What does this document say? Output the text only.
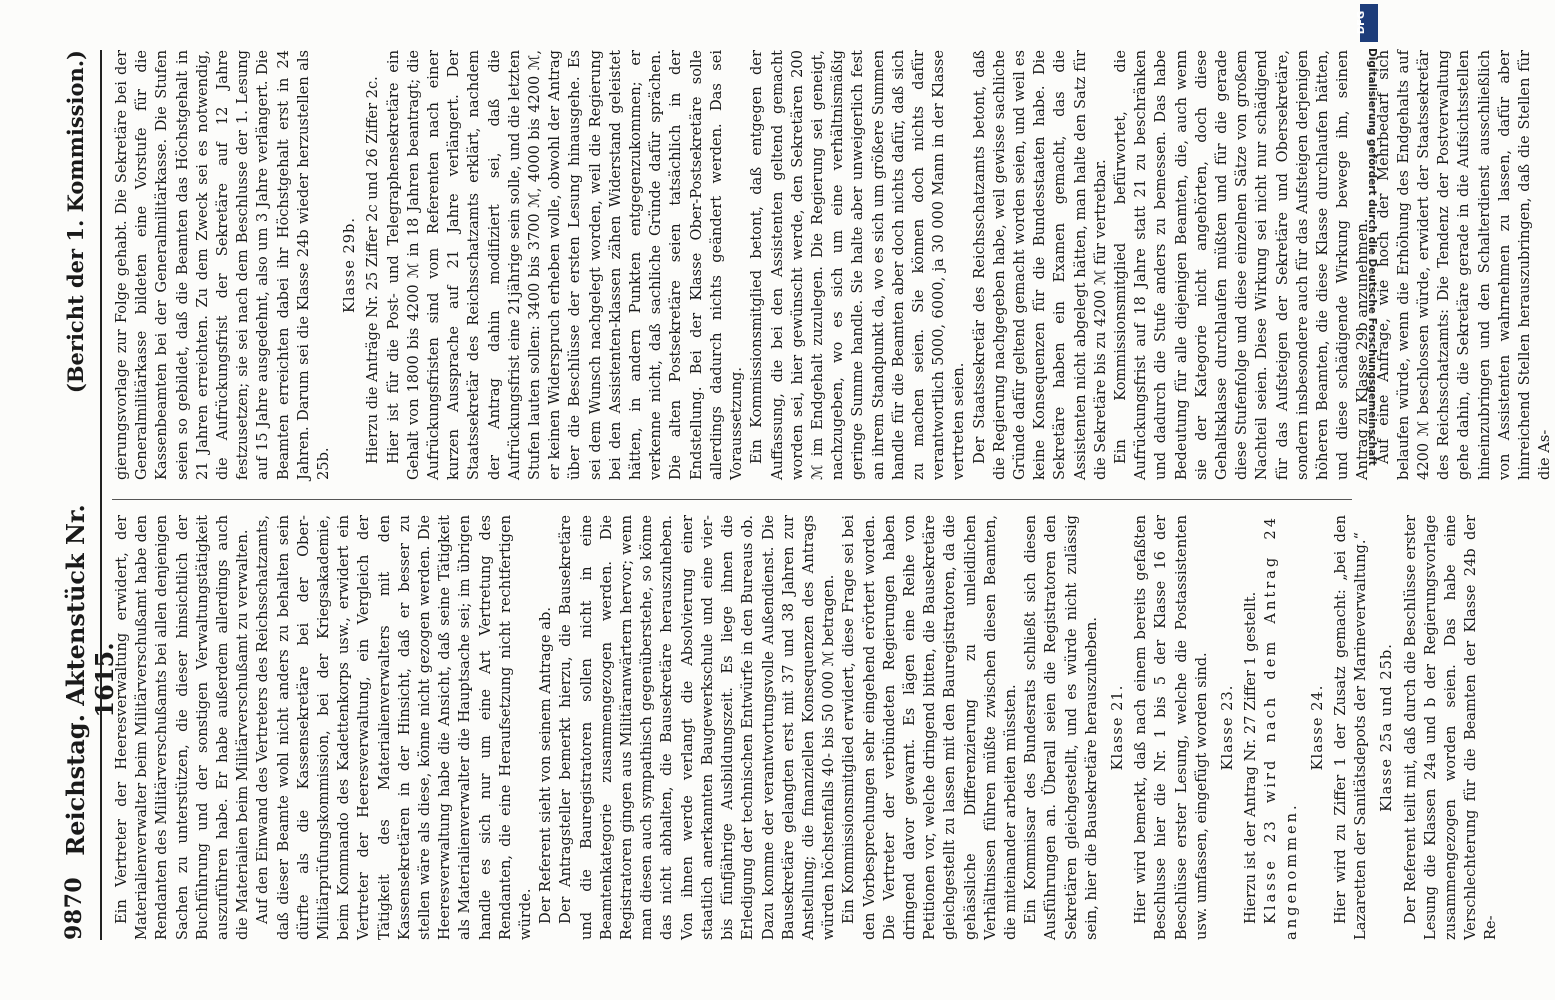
9870
Reichstag. Aktenstück Nr. 1615.
(Bericht der 1. Kommission.)

Ein Vertreter der Heeresverwaltung erwidert, der Materialienverwalter beim Militärverschußamt habe den Rendanten des Militärverschußamts bei allen denjenigen Sachen zu unterstützen, die dieser hinsichtlich der Buchführung und der sonstigen Verwaltungstätigkeit auszuführen habe. Er habe außerdem allerdings auch die Materialien beim Militärverschußamt zu verwalten. Auf den Einwand des Vertreters des Reichsschatzamts, daß dieser Beamte wohl nicht anders zu behalten sein dürfte als die Kassensekretäre bei der Ober-Militärprüfungskommission, bei der Kriegsakademie, beim Kommando des Kadettenkorps usw., erwidert ein Vertreter der Heeresverwaltung, ein Vergleich der Tätigkeit des Materialienverwalters mit den Kassensekretären in der Hinsicht, daß er besser zu stellen wäre als diese, könne nicht gezogen werden. Die Heeresverwaltung habe die Ansicht, daß seine Tätigkeit als Materialienverwalter die Hauptsache sei; im übrigen handle es sich nur um eine Art Vertretung des Rendanten, die eine Heraufsetzung nicht rechtfertigen würde. Der Referent sieht von seinem Antrage ab. Der Antragsteller bemerkt hierzu, die Bausekretäre und die Bauregistratoren sollen nicht in eine Beamtenkategorie zusammengezogen werden. Die Registratoren gingen aus Militäranwärtern hervor; wenn man diesen auch sympathisch gegenüberstehe, so könne das nicht abhalten, die Bausekretäre herauszuheben. Von ihnen werde verlangt die Absolvierung einer staatlich anerkannten Baugewerkschule und eine vier- bis fünfjährige Ausbildungszeit. Es liege ihnen die Erledigung der technischen Entwürfe in den Bureaus ob. Dazu komme der verantwortungsvolle Außendienst. Die Bausekretäre gelangten erst mit 37 und 38 Jahren zur Anstellung; die finanziellen Konsequenzen des Antrags würden höchstenfalls 40- bis 50 000 ℳ betragen. Ein Kommissionsmitglied erwidert, diese Frage sei bei den Vorbesprechungen sehr eingehend erörtert worden. Die Vertreter der verbündeten Regierungen haben dringend davor gewarnt. Es lägen eine Reihe von Petitionen vor, welche dringend bitten, die Bausekretäre gleichgestellt zu lassen mit den Bauregistratoren, da die gehässliche Differenzierung zu unleidlichen Verhältnissen führen müßte zwischen diesen Beamten, die miteinander arbeiten müssten. Ein Kommissar des Bundesrats schließt sich diesen Ausführungen an. Überall seien die Registratoren den Sekretären gleichgestellt, und es würde nicht zulässig sein, hier die Bausekretäre herauszuheben. Klasse 21. Hier wird bemerkt, daß nach einem bereits gefaßten Beschlusse hier die Nr. 1 bis 5 der Klasse 16 der Beschlüsse erster Lesung, welche die Postassistenten usw. umfassen, eingefügt worden sind. Klasse 23. Hierzu ist der Antrag Nr. 27 Ziffer 1 gestellt. Klasse 23 wird nach dem Antrag 24 angenommen.

Klasse 24. Hier wird zu Ziffer 1 der Zusatz gemacht: „bei den Lazaretten der Sanitätsdepots der Marineverwaltung.“ Klasse 25a und 25b. Der Referent teilt mit, daß durch die Beschlüsse erster Lesung die Klassen 24a und b der Regierungsvorlage zusammengezogen worden seien. Das habe eine Verschlechterung für die Beamten der Klasse 24b der Re-

gierungsvorlage zur Folge gehabt. Die Sekretäre bei der Generalmilitärkasse bildeten eine Vorstufe für die Kassenbeamten bei der Generalmilitärkasse. Die Stufen seien so gebildet, daß die Beamten das Höchstgehalt in 21 Jahren erreichten. Zu dem Zweck sei es notwendig, die Aufrückungsfrist der Sekretäre auf 12 Jahre festzusetzen; sie sei nach dem Beschlusse der 1. Lesung auf 15 Jahre ausgedehnt, also um 3 Jahre verlängert. Die Beamten erreichten dabei ihr Höchstgehalt erst in 24 Jahren. Darum sei die Klasse 24b wieder herzustellen als 25b.

Klasse 29b. Hierzu die Anträge Nr. 25 Ziffer 2c und 26 Ziffer 2c. Hier ist für die Post- und Telegraphensekretäre ein Gehalt von 1800 bis 4200 ℳ in 18 Jahren beantragt; die Aufrückungsfristen sind vom Referenten nach einer kurzen Aussprache auf 21 Jahre verlängert. Der Staatssekretär des Reichsschatzamts erklärt, nachdem der Antrag dahin modifiziert sei, daß die Aufrückungsfrist eine 21jährige sein solle, und die letzten Stufen lauten sollen: 3400 bis 3700 ℳ, 4000 bis 4200 ℳ, er keinen Widerspruch erheben wolle, obwohl der Antrag über die Beschlüsse der ersten Lesung hinausgehe. Es sei dem Wunsch nachgelegt worden, weil die Regierung bei den Assistenten-klassen zähen Widerstand geleistet hätten, in andern Punkten entgegenzukommen; er verkenne nicht, daß sachliche Gründe dafür sprächen. Die alten Postsekretäre seien tatsächlich in der Endstellung. Bei der Klasse Ober-Postsekretäre solle allerdings dadurch nichts geändert werden. Das sei Voraussetzung. Ein Kommissionsmitglied betont, daß entgegen der Auffassung, die bei den Assistenten geltend gemacht worden sei, hier gewünscht werde, den Sekretären 200 ℳ im Endgehalt zuzulegen. Die Regierung sei geneigt, nachzugeben, wo es sich um eine verhältnismäßig geringe Summe handle. Sie halte aber unweigerlich fest an ihrem Standpunkt da, wo es sich um größere Summen handle für die Beamten aber doch nichts dafür, daß sich zu machen seien. Sie können doch nichts dafür verantwortlich 5000, 6000, ja 30 000 Mann in der Klasse vertreten seien. Der Staatssekretär des Reichsschatzamts betont, daß die Regierung nachgegeben habe, weil gewisse sachliche Gründe dafür geltend gemacht worden seien, und weil es keine Konsequenzen für die Bundesstaaten habe. Die Sekretäre haben ein Examen gemacht, das die Assistenten nicht abgelegt hätten, man halte den Satz für die Sekretäre bis zu 4200 ℳ für vertretbar. Ein Kommissionsmitglied befürwortet, die Aufrückungsfrist auf 18 Jahre statt 21 zu beschränken und dadurch die Stufe anders zu bemessen. Das habe Bedeutung für alle diejenigen Beamten, die, auch wenn sie der Kategorie nicht angehörten, doch diese Gehaltsklasse durchlaufen müßten und für die gerade diese Stufenfolge und diese einzelnen Sätze von großem Nachteil seien. Diese Wirkung sei nicht nur schädigend für das Aufsteigen der Sekretäre und Obersekretäre, sondern insbesondere auch für das Aufsteigen derjenigen höheren Beamten, die diese Klasse durchlaufen hätten, und diese schädigende Wirkung bewege ihn, seinen Antrag zu Klasse 29b anzunehmen. Auf eine Anfrage, wie hoch der Mehrbedarf sich belaufen würde, wenn die Erhöhung des Endgehalts auf 4200 ℳ beschlossen würde, erwidert der Staatssekretär des Reichsschatzamts: Die Tendenz der Postverwaltung gehe dahin, die Sekretäre gerade in die Aufsichtsstellen hineinzubringen und den Schalterdienst ausschließlich von Assistenten wahrnehmen zu lassen, dafür aber hinreichend Stellen herauszubringen, daß die Stellen für die As-

DFG
Digitalisierung gefördert durch die Deutsche Forschungsgemeinschaft
